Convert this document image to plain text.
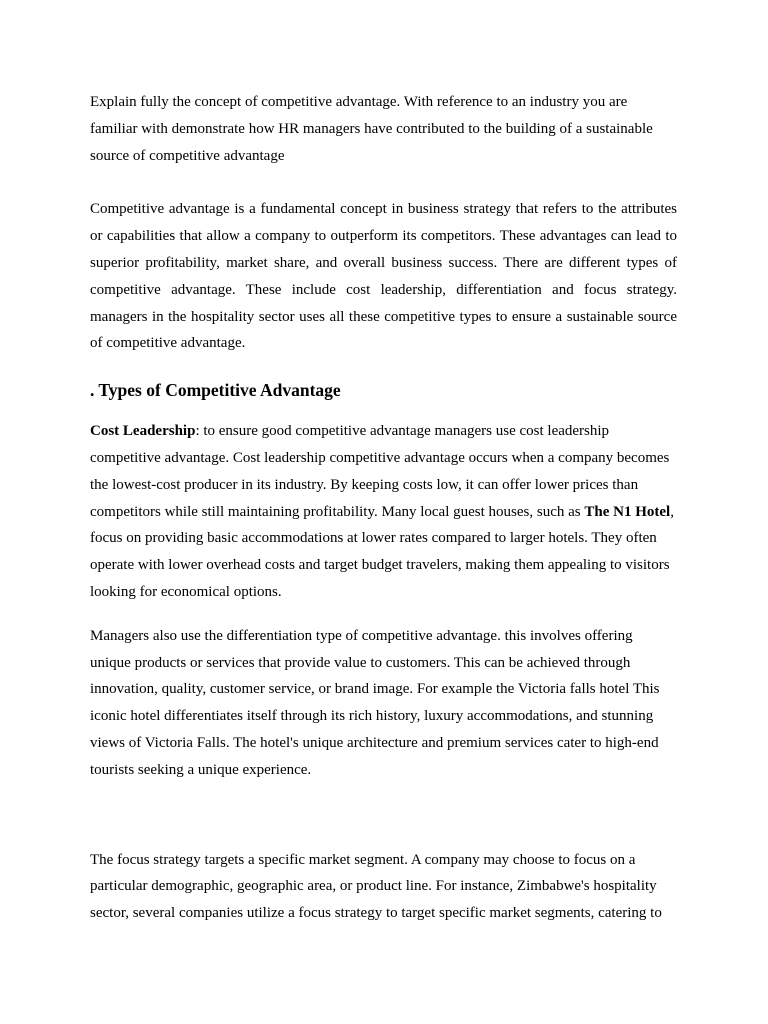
Explain fully the concept of competitive advantage. With reference to an industry you are familiar with demonstrate how HR managers have contributed to the building of a sustainable source of competitive advantage

Competitive advantage is a fundamental concept in business strategy that refers to the attributes or capabilities that allow a company to outperform its competitors. These advantages can lead to superior profitability, market share, and overall business success. There are different types of competitive advantage. These include cost leadership, differentiation and focus strategy. managers in the hospitality sector uses all these competitive types to ensure a sustainable source of competitive advantage.

. Types of Competitive Advantage

Cost Leadership: to ensure good competitive advantage managers use cost leadership competitive advantage. Cost leadership competitive advantage occurs when a company becomes the lowest-cost producer in its industry. By keeping costs low, it can offer lower prices than competitors while still maintaining profitability. Many local guest houses, such as The N1 Hotel, focus on providing basic accommodations at lower rates compared to larger hotels. They often operate with lower overhead costs and target budget travelers, making them appealing to visitors looking for economical options.

Managers also use the differentiation type of competitive advantage. this involves offering unique products or services that provide value to customers. This can be achieved through innovation, quality, customer service, or brand image. For example the Victoria falls hotel This iconic hotel differentiates itself through its rich history, luxury accommodations, and stunning views of Victoria Falls. The hotel's unique architecture and premium services cater to high-end tourists seeking a unique experience.

The focus strategy targets a specific market segment. A company may choose to focus on a particular demographic, geographic area, or product line. For instance, Zimbabwe's hospitality sector, several companies utilize a focus strategy to target specific market segments, catering to
